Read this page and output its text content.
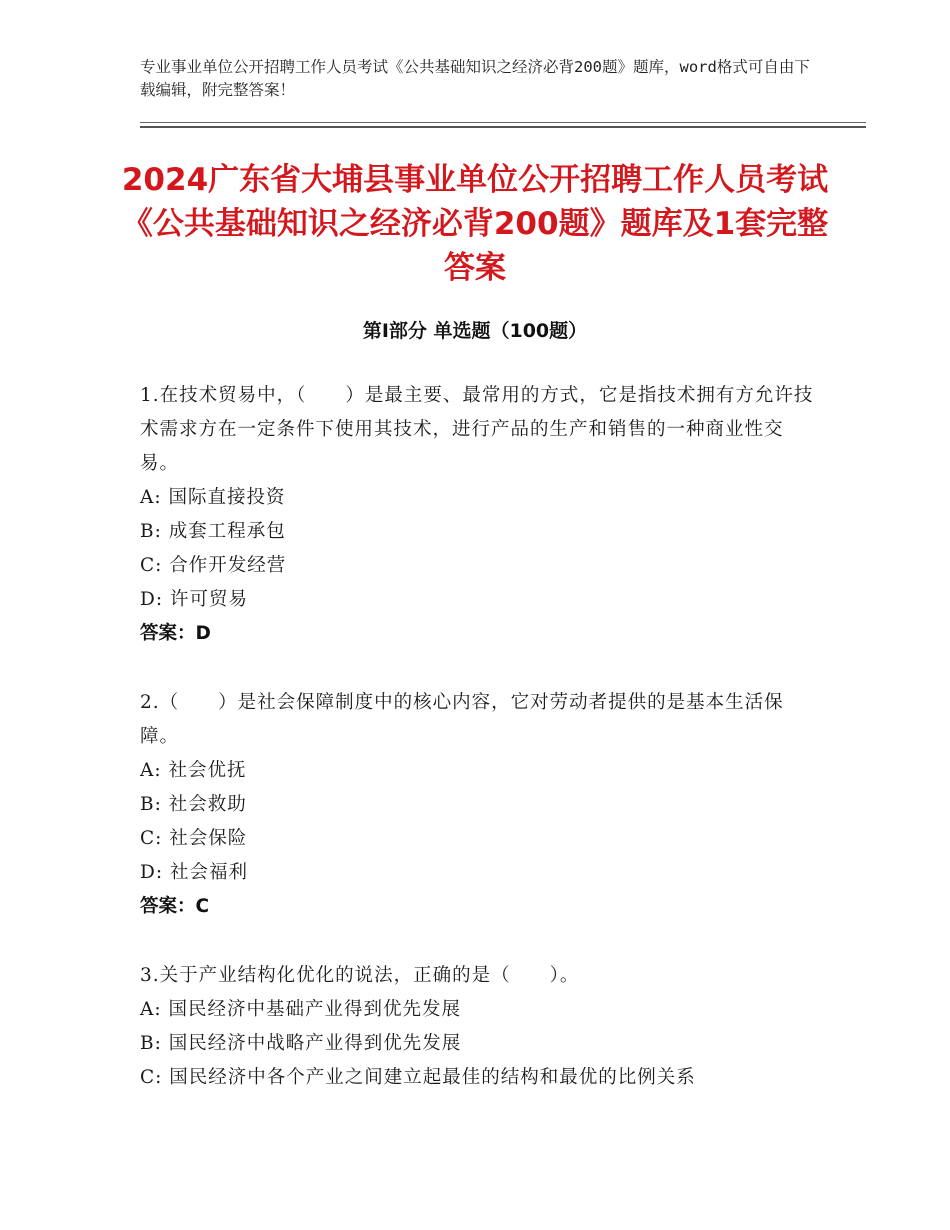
专业事业单位公开招聘工作人员考试《公共基础知识之经济必背200题》题库，word格式可自由下载编辑，附完整答案！
2024广东省大埔县事业单位公开招聘工作人员考试《公共基础知识之经济必背200题》题库及1套完整答案
第Ⅰ部分 单选题（100题）
1.在技术贸易中，（　　）是最主要、最常用的方式，它是指技术拥有方允许技术需求方在一定条件下使用其技术，进行产品的生产和销售的一种商业性交易。
A: 国际直接投资
B: 成套工程承包
C: 合作开发经营
D: 许可贸易
答案：D
2.（　　）是社会保障制度中的核心内容，它对劳动者提供的是基本生活保障。
A: 社会优抚
B: 社会救助
C: 社会保险
D: 社会福利
答案：C
3.关于产业结构化优化的说法，正确的是（　　）。
A: 国民经济中基础产业得到优先发展
B: 国民经济中战略产业得到优先发展
C: 国民经济中各个产业之间建立起最佳的结构和最优的比例关系
